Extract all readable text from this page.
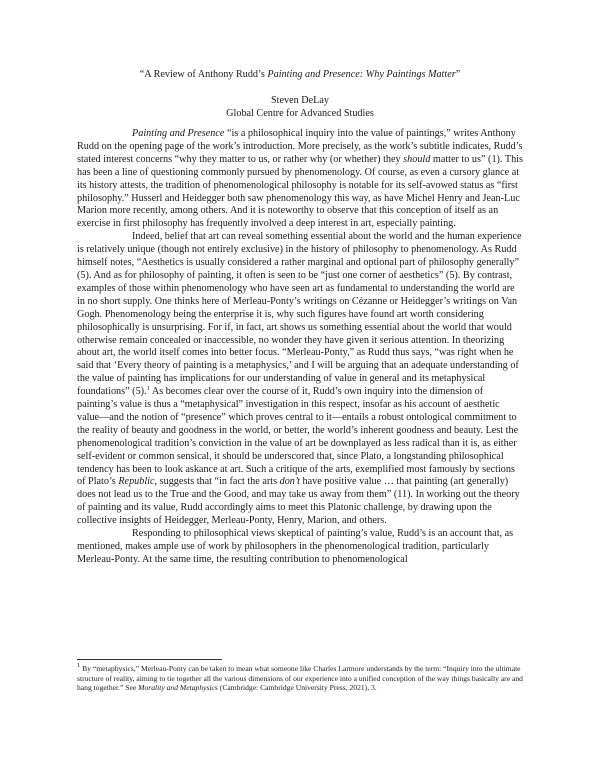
“A Review of Anthony Rudd’s Painting and Presence: Why Paintings Matter”
Steven DeLay
Global Centre for Advanced Studies

Painting and Presence “is a philosophical inquiry into the value of paintings,” writes Anthony Rudd on the opening page of the work’s introduction. More precisely, as the work’s subtitle indicates, Rudd’s stated interest concerns “why they matter to us, or rather why (or whether) they should matter to us” (1). This has been a line of questioning commonly pursued by phenomenology. Of course, as even a cursory glance at its history attests, the tradition of phenomenological philosophy is notable for its self-avowed status as “first philosophy.” Husserl and Heidegger both saw phenomenology this way, as have Michel Henry and Jean-Luc Marion more recently, among others. And it is noteworthy to observe that this conception of itself as an exercise in first philosophy has frequently involved a deep interest in art, especially painting.

Indeed, belief that art can reveal something essential about the world and the human experience is relatively unique (though not entirely exclusive) in the history of philosophy to phenomenology. As Rudd himself notes, “Aesthetics is usually considered a rather marginal and optional part of philosophy generally” (5). And as for philosophy of painting, it often is seen to be “just one corner of aesthetics” (5). By contrast, examples of those within phenomenology who have seen art as fundamental to understanding the world are in no short supply. One thinks here of Merleau-Ponty’s writings on Cézanne or Heidegger’s writings on Van Gogh. Phenomenology being the enterprise it is, why such figures have found art worth considering philosophically is unsurprising. For if, in fact, art shows us something essential about the world that would otherwise remain concealed or inaccessible, no wonder they have given it serious attention. In theorizing about art, the world itself comes into better focus. “Merleau-Ponty,” as Rudd thus says, “was right when he said that ‘Every theory of painting is a metaphysics,’ and I will be arguing that an adequate understanding of the value of painting has implications for our understanding of value in general and its metaphysical foundations” (5).$^1$ As becomes clear over the course of it, Rudd’s own inquiry into the dimension of painting’s value is thus a “metaphysical” investigation in this respect, insofar as his account of aesthetic value—and the notion of “presence” which proves central to it—entails a robust ontological commitment to the reality of beauty and goodness in the world, or better, the world’s inherent goodness and beauty. Lest the phenomenological tradition’s conviction in the value of art be downplayed as less radical than it is, as either self-evident or common sensical, it should be underscored that, since Plato, a longstanding philosophical tendency has been to look askance at art. Such a critique of the arts, exemplified most famously by sections of Plato’s Republic, suggests that “in fact the arts don’t have positive value … that painting (art generally) does not lead us to the True and the Good, and may take us away from them” (11). In working out the theory of painting and its value, Rudd accordingly aims to meet this Platonic challenge, by drawing upon the collective insights of Heidegger, Merleau-Ponty, Henry, Marion, and others.

Responding to philosophical views skeptical of painting’s value, Rudd’s is an account that, as mentioned, makes ample use of work by philosophers in the phenomenological tradition, particularly Merleau-Ponty. At the same time, the resulting contribution to phenomenological

1 By “metaphysics,” Merleau-Ponty can be taken to mean what someone like Charles Larmore understands by the term: “Inquiry into the ultimate structure of reality, aiming to tie together all the various dimensions of our experience into a unified conception of the way things basically are and hang together.” See Morality and Metaphysics (Cambridge: Cambridge University Press, 2021), 3.
